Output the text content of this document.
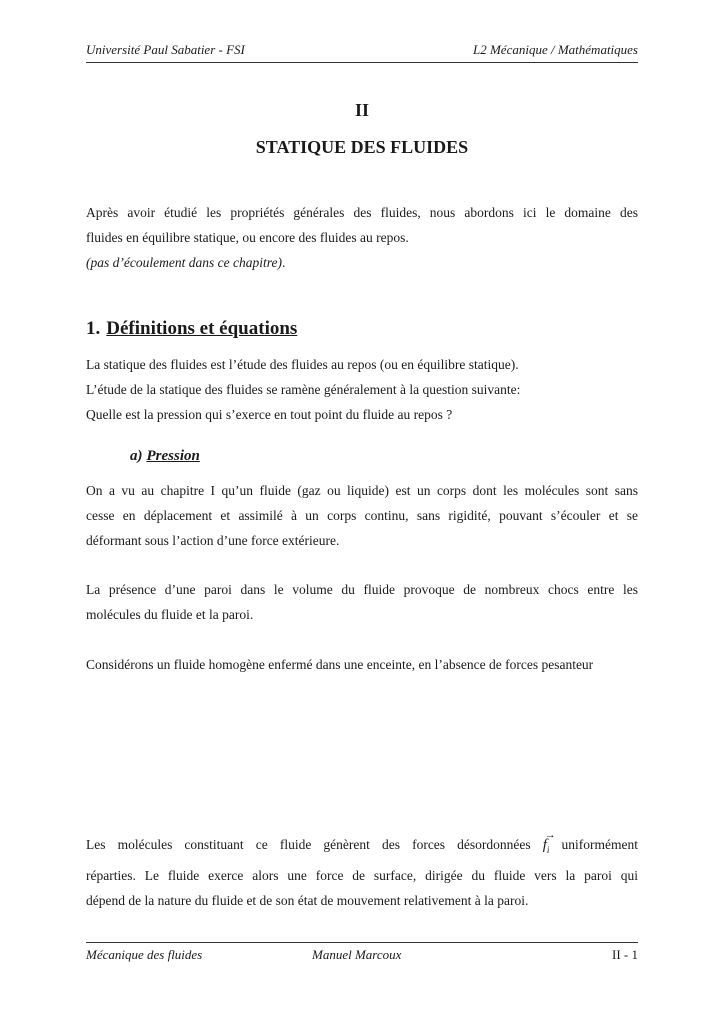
Université Paul Sabatier - FSI	L2 Mécanique / Mathématiques
II
STATIQUE DES FLUIDES
Après avoir étudié les propriétés générales des fluides, nous abordons ici le domaine des
fluides en équilibre statique, ou encore des fluides au repos.
(pas d’écoulement dans ce chapitre).
1. Définitions et équations
La statique des fluides est l’étude des fluides au repos (ou en équilibre statique).
L’étude de la statique des fluides se ramène généralement à la question suivante:
Quelle est la pression qui s’exerce en tout point du fluide au repos ?
a) Pression
On a vu au chapitre I qu’un fluide (gaz ou liquide) est un corps dont les molécules sont sans
cesse en déplacement et assimilé à un corps continu, sans rigidité, pouvant s’écouler et se
déformant sous l’action d’une force extérieure.
La présence d’une paroi dans le volume du fluide provoque de nombreux chocs entre les
molécules du fluide et la paroi.
Considérons un fluide homogène enfermé dans une enceinte, en l’absence de forces pesanteur
Les molécules constituant ce fluide génèrent des forces désordonnées
→
$f_i$ uniformément
réparties. Le fluide exerce alors une force de surface, dirigée du fluide vers la paroi qui
dépend de la nature du fluide et de son état de mouvement relativement à la paroi.
Mécanique des fluides	Manuel Marcoux	II - 1
